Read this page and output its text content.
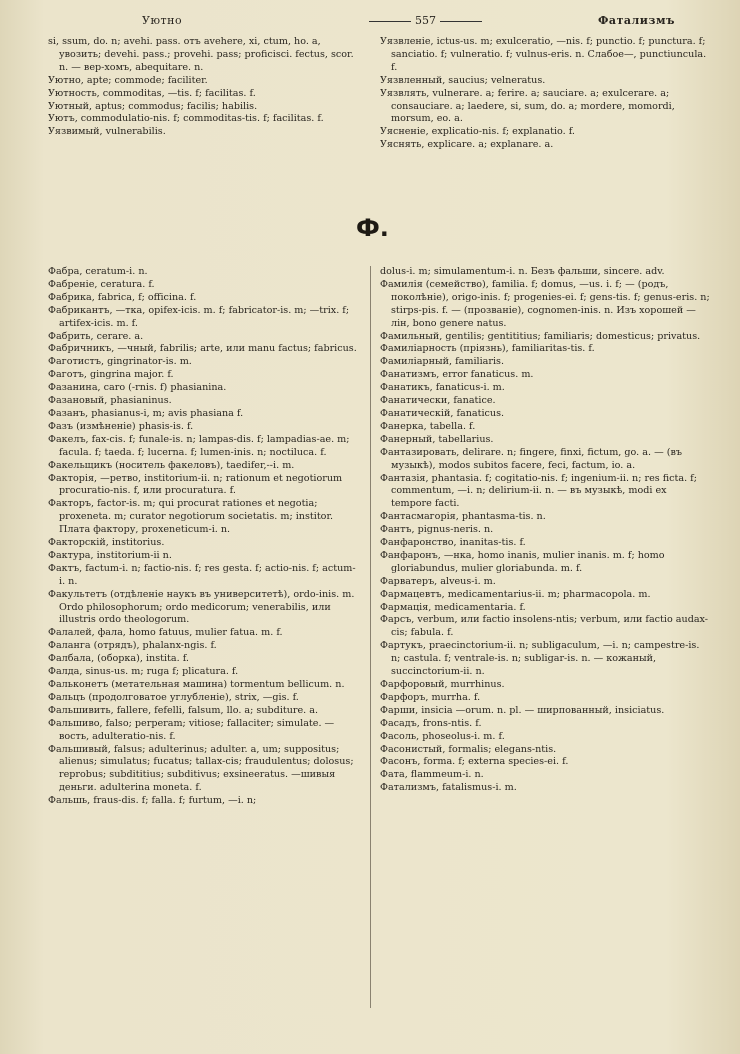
Уютно	557	Фатализмъ

si, ssum, do. n; avehi. pass. отъ avehere, xi, ctum, ho. a, увозить; devehi. pass.; provehi. pass; proficisci. fectus, scor. n. — вер-хомъ, abequitare. n.

Уютно, apte; commode; faciliter.

Уютность, commoditas, —tis. f; facilitas. f.

Уютный, aptus; commodus; facilis; habilis.

Уютъ, commodulatio-nis. f; commoditas-tis. f; facilitas. f.

Уязвимый, vulnerabilis.

Уязвленіе, ictus-us. m; exulceratio, —nis. f; punctio. f; punctura. f; sanciatio. f; vulneratio. f; vulnus-eris. n. Слабое—, punctiuncula. f.

Уязвленный, saucius; velneratus.

Уязвлять, vulnerare. a; ferire. a; sauciare. a; exulcerare. a; consauciare. a; laedere, si, sum, do. a; mordere, momordi, morsum, eo. a.

Уясненіе, explicatio-nis. f; explanatio. f.

Уяснять, explicare. a; explanare. a.

Ф.

Фабра, ceratum-i. n.

Фабреніе, ceratura. f.

Фабрика, fabrica, f; officina. f.

Фабрикантъ, —тка, opifex-icis. m. f; fabricator-is. m; —trix. f; artifex-icis. m. f.

Фабрить, cerare. a.

Фабричникъ, —чный, fabrilis; arte, или manu factus; fabricus.

Фаготистъ, gingrinator-is. m.

Фаготъ, gingrina major. f.

Фазанина, caro (-rnis. f) phasianina.

Фазановый, phasianinus.

Фазанъ, phasianus-i, m; avis phasiana f.

Фазъ (измѣненіе) phasis-is. f.

Факелъ, fax-cis. f; funale-is. n; lampas-dis. f; lampadias-ae. m; facula. f; taeda. f; lucerna. f; lumen-inis. n; noctiluca. f.

Факельщикъ (носитель факеловъ), taedifer,--i. m.

Факторія, —ретво, institorium-ii. n; rationum et negotiorum procuratio-nis. f, или procuratura. f.

Факторъ, factor-is. m; qui procurat rationes et negotia; proxeneta. m; curator negotiorum societatis. m; institor. Плата фактору, proxeneticum-i. n.

Факторскій, institorius.

Фактура, institorium-ii n.

Фактъ, factum-i. n; factio-nis. f; res gesta. f; actio-nis. f; actum-i. n.

Факультетъ (отдѣленіе наукъ въ университетѣ), ordo-inis. m. Ordo philosophorum; ordo medicorum; venerabilis, или illustris ordo theologorum.

Фалалей, фала, homo fatuus, mulier fatua. m. f.

Фаланга (отрядъ), phalanx-ngis. f.

Фалбала, (оборка), instita. f.

Фалда, sinus-us. m; ruga f; plicatura. f.

Фальконетъ (метательная машина) tormentum bellicum. n.

Фальцъ (продолговатое углубленіе), strix, —gis. f.

Фальшивить, fallere, fefelli, falsum, llo. a; subditure. a.

Фальшиво, falso; perperam; vitiose; fallaciter; simulate. —вость, adulteratio-nis. f.

Фальшивый, falsus; adulterinus; adulter. a, um; suppositus; alienus; simulatus; fucatus; tallax-cis; fraudulentus; dolosus; reprobus; subdititius; subditivus; exsineeratus. —шивыя деньги. adulterina moneta. f.

Фальшь, fraus-dis. f; falla. f; furtum, —i. n;

dolus-i. m; simulamentum-i. n. Безъ фальши, sincere. adv.

Фамилія (семейство), familia. f; domus, —us. i. f; — (родъ, поколѣніе), origo-inis. f; progenies-ei. f; gens-tis. f; genus-eris. n; stirps-pis. f. — (прозваніе), cognomen-inis. n. Изъ хорошей —лін, bono genere natus.

Фамильный, gentilis; gentititius; familiaris; domesticus; privatus.

Фамиліарность (пріязнь), familiaritas-tis. f.

Фамиліарный, familiaris.

Фанатизмъ, error fanaticus. m.

Фанатикъ, fanaticus-i. m.

Фанатически, fanatice.

Фанатическій, fanaticus.

Фанерка, tabella. f.

Фанерный, tabellarius.

Фантазировать, delirare. n; fingere, finxi, fictum, go. a. — (въ музыкѣ), modos subitos facere, feci, factum, io. a.

Фантазія, phantasia. f; cogitatio-nis. f; ingenium-ii. n; res ficta. f; commentum, —i. n; delirium-ii. n. — въ музыкѣ, modi ex tempore facti.

Фантасмагорія, phantasma-tis. n.

Фантъ, pignus-neris. n.

Фанфаронство, inanitas-tis. f.

Фанфаронъ, —нка, homo inanis, mulier inanis. m. f; homo gloriabundus, mulier gloriabunda. m. f.

Фарватеръ, alveus-i. m.

Фармацевтъ, medicamentarius-ii. m; pharmacopola. m.

Фармація, medicamentaria. f.

Фарсъ, verbum, или factio insolens-ntis; verbum, или factio audax-cis; fabula. f.

Фартукъ, praecinctorium-ii. n; subligaculum, —i. n; campestre-is. n; castula. f; ventrale-is. n; subligar-is. n. — кожаный, succinctorium-ii. n.

Фарфоровый, murrhinus.

Фарфоръ, murrha. f.

Фарши, insicia —orum. n. pl. — ширпованный, insiciatus.

Фасадъ, frons-ntis. f.

Фасоль, phoseolus-i. m. f.

Фасонистый, formalis; elegans-ntis.

Фасонъ, forma. f; externa species-ei. f.

Фата, flammeum-i. n.

Фатализмъ, fatalismus-i. m.
